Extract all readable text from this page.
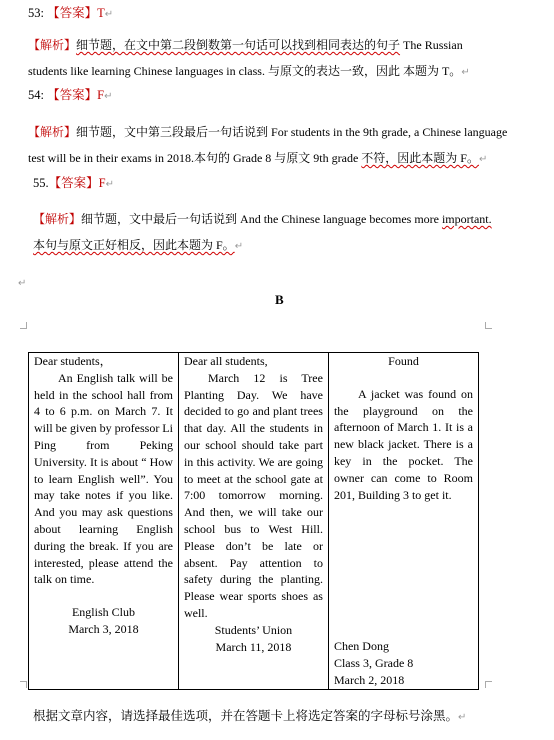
53: 【答案】T↵
【解析】细节题，在文中第二段倒数第一句话可以找到相同表达的句子 The Russian
students like learning Chinese languages in class. 与原文的表达一致，因此 本题为 T。↵
54: 【答案】F↵
【解析】细节题，文中第三段最后一句话说到 For students in the 9th grade, a Chinese language
test will be in their exams in 2018.本句的 Grade 8 与原文 9th grade 不符，因此本题为 F。↵
55.【答案】F↵
【解析】细节题，文中最后一句话说到 And the Chinese language becomes more important.
本句与原文正好相反，因此本题为 F。↵
↵
B
Dear students，
An English talk will be held in the school hall from 4 to 6 p.m. on March 7. It will be given by professor Li Ping from Peking University. It is about “ How to learn English well”. You may take notes if you like. And you may ask questions about learning English during the break. If you are interested, please attend the talk on time.
English Club
March 3, 2018

Dear all students,
March 12 is Tree Planting Day. We have decided to go and plant trees that day. All the students in our school should take part in this activity. We are going to meet at the school gate at 7:00 tomorrow morning. And then, we will take our school bus to West Hill. Please don’t be late or absent. Pay attention to safety during the planting. Please wear sports shoes as well.
Students’ Union
March 11, 2018

Found
A jacket was found on the playground on the afternoon of March 1. It is a new black jacket. There is a key in the pocket. The owner can come to Room 201, Building 3 to get it.
Chen Dong
Class 3, Grade 8
March 2, 2018
根据文章内容，请选择最佳选项，并在答题卡上将选定答案的字母标号涂黑。↵
